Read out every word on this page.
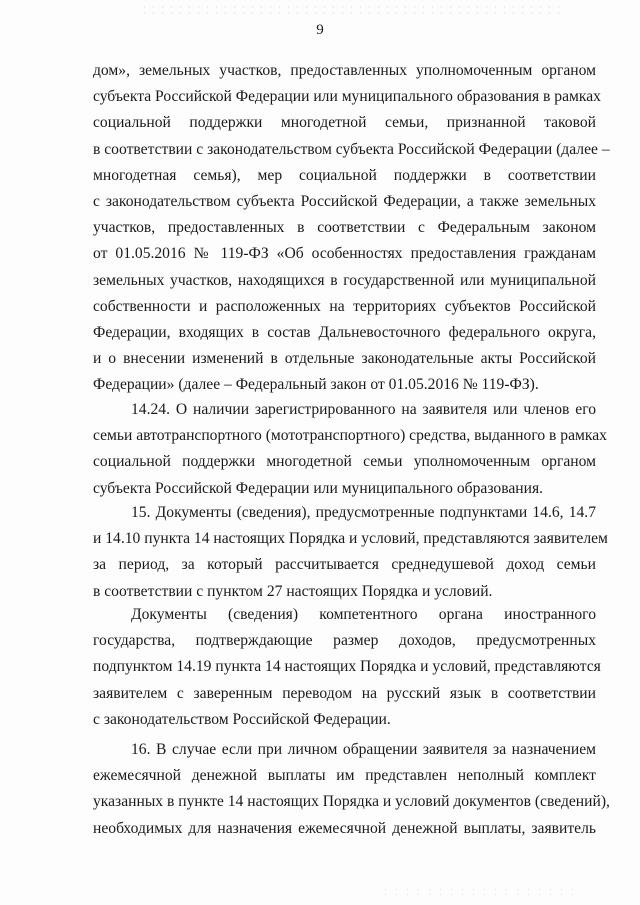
9
дом», земельных участков, предоставленных уполномоченным органом
субъекта Российской Федерации или муниципального образования в рамках
социальной поддержки многодетной семьи, признанной таковой
в соответствии с законодательством субъекта Российской Федерации (далее –
многодетная семья), мер социальной поддержки в соответствии
с законодательством субъекта Российской Федерации, а также земельных
участков, предоставленных в соответствии с Федеральным законом
от 01.05.2016 № 119-ФЗ «Об особенностях предоставления гражданам
земельных участков, находящихся в государственной или муниципальной
собственности и расположенных на территориях субъектов Российской
Федерации, входящих в состав Дальневосточного федерального округа,
и о внесении изменений в отдельные законодательные акты Российской
Федерации» (далее – Федеральный закон от 01.05.2016 № 119-ФЗ).
14.24. О наличии зарегистрированного на заявителя или членов его
семьи автотранспортного (мототранспортного) средства, выданного в рамках
социальной поддержки многодетной семьи уполномоченным органом
субъекта Российской Федерации или муниципального образования.
15. Документы (сведения), предусмотренные подпунктами 14.6, 14.7
и 14.10 пункта 14 настоящих Порядка и условий, представляются заявителем
за период, за который рассчитывается среднедушевой доход семьи
в соответствии с пунктом 27 настоящих Порядка и условий.
Документы (сведения) компетентного органа иностранного
государства, подтверждающие размер доходов, предусмотренных
подпунктом 14.19 пункта 14 настоящих Порядка и условий, представляются
заявителем с заверенным переводом на русский язык в соответствии
с законодательством Российской Федерации.
16. В случае если при личном обращении заявителя за назначением
ежемесячной денежной выплаты им представлен неполный комплект
указанных в пункте 14 настоящих Порядка и условий документов (сведений),
необходимых для назначения ежемесячной денежной выплаты, заявитель
